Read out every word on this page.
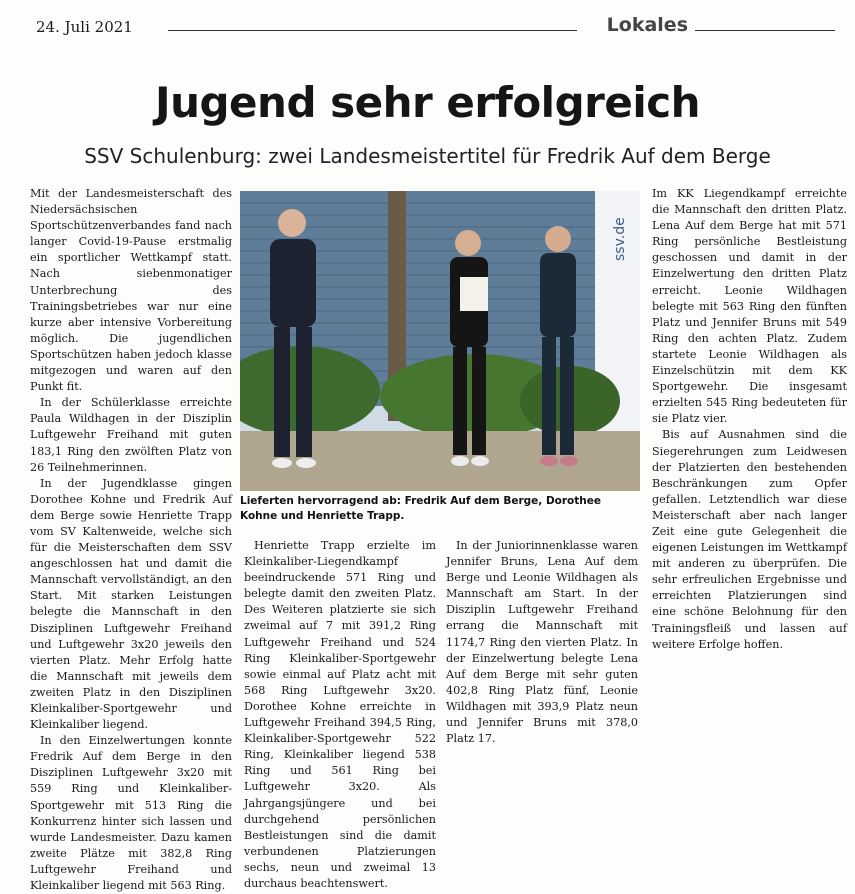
24. Juli 2021	Lokales
Jugend sehr erfolgreich
SSV Schulenburg: zwei Landesmeistertitel für Fredrik Auf dem Berge

Mit der Landesmeisterschaft des Niedersächsischen Sportschützenverbandes fand nach langer Covid-19-Pause erstmalig ein sportlicher Wettkampf statt. Nach siebenmonatiger Unterbrechung des Trainingsbetriebes war nur eine kurze aber intensive Vorbereitung möglich. Die jugendlichen Sportschützen haben jedoch klasse mitgezogen und waren auf den Punkt fit.

In der Schülerklasse erreichte Paula Wildhagen in der Disziplin Luftgewehr Freihand mit guten 183,1 Ring den zwölften Platz von 26 Teilnehmerinnen.

In der Jugendklasse gingen Dorothee Kohne und Fredrik Auf dem Berge sowie Henriette Trapp vom SV Kaltenweide, welche sich für die Meisterschaften dem SSV angeschlossen hat und damit die Mannschaft vervollständigt, an den Start. Mit starken Leistungen belegte die Mannschaft in den Disziplinen Luftgewehr Freihand und Luftgewehr 3x20 jeweils den vierten Platz. Mehr Erfolg hatte die Mannschaft mit jeweils dem zweiten Platz in den Disziplinen Kleinkaliber-Sportgewehr und Kleinkaliber liegend.

In den Einzelwertungen konnte Fredrik Auf dem Berge in den Disziplinen Luftgewehr 3x20 mit 559 Ring und Kleinkaliber-Sportgewehr mit 513 Ring die Konkurrenz hinter sich lassen und wurde Landesmeister. Dazu kamen zweite Plätze mit 382,8 Ring Luftgewehr Freihand und Kleinkaliber liegend mit 563 Ring.

ssv.de
Lieferten hervorragend ab: Fredrik Auf dem Berge, Dorothee Kohne und Henriette Trapp.

Henriette Trapp erzielte im Kleinkaliber-Liegendkampf beeindruckende 571 Ring und belegte damit den zweiten Platz. Des Weiteren platzierte sie sich zweimal auf 7 mit 391,2 Ring Luftgewehr Freihand und 524 Ring Kleinkaliber-Sportgewehr sowie einmal auf Platz acht mit 568 Ring Luftgewehr 3x20. Dorothee Kohne erreichte in Luftgewehr Freihand 394,5 Ring, Kleinkaliber-Sportgewehr 522 Ring, Kleinkaliber liegend 538 Ring und 561 Ring bei Luftgewehr 3x20. Als Jahrgangsjüngere und bei durchgehend persönlichen Bestleistungen sind die damit verbundenen Platzierungen sechs, neun und zweimal 13 durchaus beachtenswert.

In der Juniorinnenklasse waren Jennifer Bruns, Lena Auf dem Berge und Leonie Wildhagen als Mannschaft am Start. In der Disziplin Luftgewehr Freihand errang die Mannschaft mit 1174,7 Ring den vierten Platz. In der Einzelwertung belegte Lena Auf dem Berge mit sehr guten 402,8 Ring Platz fünf, Leonie Wildhagen mit 393,9 Platz neun und Jennifer Bruns mit 378,0 Platz 17.

Im KK Liegendkampf erreichte die Mannschaft den dritten Platz. Lena Auf dem Berge hat mit 571 Ring persönliche Bestleistung geschossen und damit in der Einzelwertung den dritten Platz erreicht. Leonie Wildhagen belegte mit 563 Ring den fünften Platz und Jennifer Bruns mit 549 Ring den achten Platz. Zudem startete Leonie Wildhagen als Einzelschützin mit dem KK Sportgewehr. Die insgesamt erzielten 545 Ring bedeuteten für sie Platz vier.

Bis auf Ausnahmen sind die Siegerehrungen zum Leidwesen der Platzierten den bestehenden Beschränkungen zum Opfer gefallen. Letztendlich war diese Meisterschaft aber nach langer Zeit eine gute Gelegenheit die eigenen Leistungen im Wettkampf mit anderen zu überprüfen. Die sehr erfreulichen Ergebnisse und erreichten Platzierungen sind eine schöne Belohnung für den Trainingsfleiß und lassen auf weitere Erfolge hoffen.
